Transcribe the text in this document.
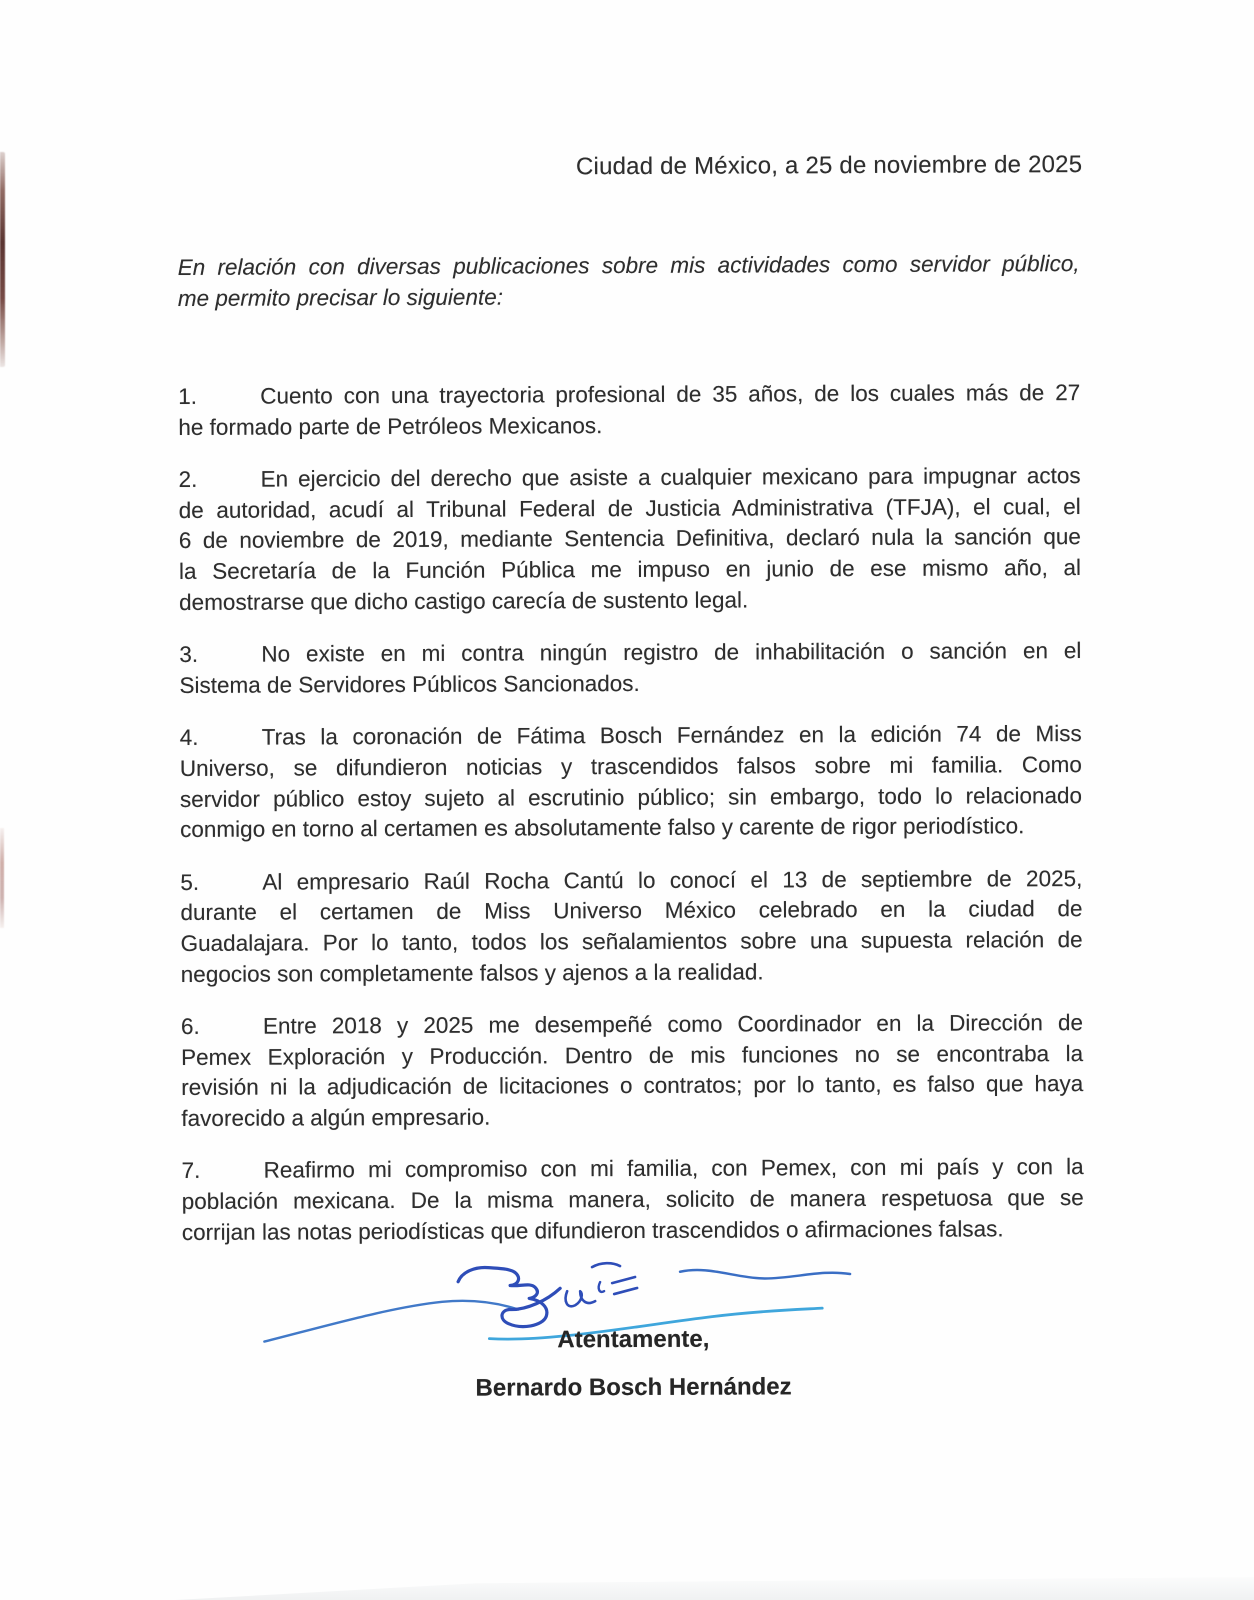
Ciudad de México, a 25 de noviembre de 2025
En relación con diversas publicaciones sobre mis actividades como servidor público,
me permito precisar lo siguiente:
1.	Cuento con una trayectoria profesional de 35 años, de los cuales más de 27
he formado parte de Petróleos Mexicanos.
2.	En ejercicio del derecho que asiste a cualquier mexicano para impugnar actos
de autoridad, acudí al Tribunal Federal de Justicia Administrativa (TFJA), el cual, el
6 de noviembre de 2019, mediante Sentencia Definitiva, declaró nula la sanción que
la Secretaría de la Función Pública me impuso en junio de ese mismo año, al
demostrarse que dicho castigo carecía de sustento legal.
3.	No existe en mi contra ningún registro de inhabilitación o sanción en el
Sistema de Servidores Públicos Sancionados.
4.	Tras la coronación de Fátima Bosch Fernández en la edición 74 de Miss
Universo, se difundieron noticias y trascendidos falsos sobre mi familia. Como
servidor público estoy sujeto al escrutinio público; sin embargo, todo lo relacionado
conmigo en torno al certamen es absolutamente falso y carente de rigor periodístico.
5.	Al empresario Raúl Rocha Cantú lo conocí el 13 de septiembre de 2025,
durante el certamen de Miss Universo México celebrado en la ciudad de
Guadalajara. Por lo tanto, todos los señalamientos sobre una supuesta relación de
negocios son completamente falsos y ajenos a la realidad.
6.	Entre 2018 y 2025 me desempeñé como Coordinador en la Dirección de
Pemex Exploración y Producción. Dentro de mis funciones no se encontraba la
revisión ni la adjudicación de licitaciones o contratos; por lo tanto, es falso que haya
favorecido a algún empresario.
7.	Reafirmo mi compromiso con mi familia, con Pemex, con mi país y con la
población mexicana. De la misma manera, solicito de manera respetuosa que se
corrijan las notas periodísticas que difundieron trascendidos o afirmaciones falsas.
Atentamente,
Bernardo Bosch Hernández
